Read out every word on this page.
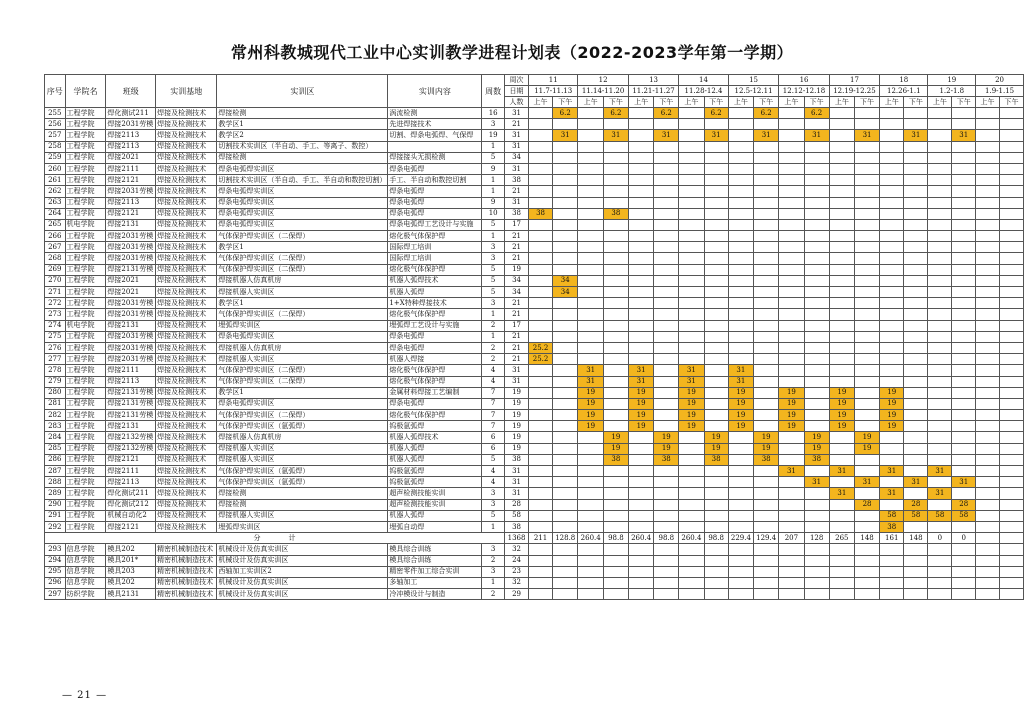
常州科教城现代工业中心实训教学进程计划表（2022-2023学年第一学期）
序号	学院名	班级	实训基地	实训区	实训内容	周数	周次	11		12		13		14		15		16		17		18		19		20	
							日期	11.7-11.13		11.14-11.20		11.21-11.27		11.28-12.4		12.5-12.11		12.12-12.18		12.19-12.25		12.26-1.1		1.2-1.8		1.9-1.15	
							人数	上午	下午	上午	下午	上午	下午	上午	下午	上午	下午	上午	下午	上午	下午	上午	下午	上午	下午	上午	下午
255	工程学院	焊化测试211	焊接及检测技术	焊接检测	涡流检测	16	31		6.2		6.2		6.2		6.2		6.2		6.2								
256	工程学院	焊接2031劳模	焊接及检测技术	教学区1	先进焊接技术	3	21																				
257	工程学院	焊接2113	焊接及检测技术	教学区2	切割、焊条电弧焊、气保焊	19	31		31		31		31		31		31		31		31		31		31		
258	工程学院	焊接2113	焊接及检测技术	切割技术实训区（半自动、手工、等离子、数控）		1	31																				
259	工程学院	焊接2021	焊接及检测技术	焊接检测	焊接接头无损检测	5	34																				
260	工程学院	焊接2111	焊接及检测技术	焊条电弧焊实训区	焊条电弧焊	9	31																				
261	工程学院	焊接2121	焊接及检测技术	切割技术实训区（半自动、手工、半自动和数控切割）	手工、半自动和数控切割	1	38																				
262	工程学院	焊接2031劳模	焊接及检测技术	焊条电弧焊实训区	焊条电弧焊	1	21																				
263	工程学院	焊接2113	焊接及检测技术	焊条电弧焊实训区	焊条电弧焊	9	31																				
264	工程学院	焊接2121	焊接及检测技术	焊条电弧焊实训区	焊条电弧焊	10	38	38			38																
265	机电学院	焊接2131	焊接及检测技术	焊条电弧焊实训区	焊条电弧焊工艺设计与实施	5	17																				
266	工程学院	焊接2031劳模	焊接及检测技术	气体保护焊实训区（二保焊）	熔化极气体保护焊	1	21																				
267	工程学院	焊接2031劳模	焊接及检测技术	教学区1	国际焊工培训	3	21																				
268	工程学院	焊接2031劳模	焊接及检测技术	气体保护焊实训区（二保焊）	国际焊工培训	3	21																				
269	工程学院	焊接2131劳模	焊接及检测技术	气体保护焊实训区（二保焊）	熔化极气体保护焊	5	19																				
270	工程学院	焊接2021	焊接及检测技术	焊接机器人仿真机房	机器人弧焊技术	5	34		34																		
271	工程学院	焊接2021	焊接及检测技术	焊接机器人实训区	机器人弧焊	5	34		34																		
272	工程学院	焊接2031劳模	焊接及检测技术	教学区1	1+X特种焊接技术	3	21																				
273	工程学院	焊接2031劳模	焊接及检测技术	气体保护焊实训区（二保焊）	熔化极气体保护焊	1	21																				
274	机电学院	焊接2131	焊接及检测技术	埋弧焊实训区	埋弧焊工艺设计与实施	2	17																				
275	工程学院	焊接2031劳模	焊接及检测技术	焊条电弧焊实训区	焊条电弧焊	1	21																				
276	工程学院	焊接2031劳模	焊接及检测技术	焊接机器人仿真机房	焊条电弧焊	2	21	25.2																			
277	工程学院	焊接2031劳模	焊接及检测技术	焊接机器人实训区	机器人焊接	2	21	25.2																			
278	工程学院	焊接2111	焊接及检测技术	气体保护焊实训区（二保焊）	熔化极气体保护焊	4	31			31		31		31		31											
279	工程学院	焊接2113	焊接及检测技术	气体保护焊实训区（二保焊）	熔化极气体保护焊	4	31			31		31		31		31											
280	工程学院	焊接2131劳模	焊接及检测技术	教学区1	金属材料焊接工艺编制	7	19			19		19		19		19		19		19		19					
281	工程学院	焊接2131劳模	焊接及检测技术	焊条电弧焊实训区	焊条电弧焊	7	19			19		19		19		19		19		19		19					
282	工程学院	焊接2131劳模	焊接及检测技术	气体保护焊实训区（二保焊）	熔化极气体保护焊	7	19			19		19		19		19		19		19		19					
283	工程学院	焊接2131	焊接及检测技术	气体保护焊实训区（氩弧焊）	钨极氩弧焊	7	19			19		19		19		19		19		19		19					
284	工程学院	焊接2132劳模	焊接及检测技术	焊接机器人仿真机房	机器人弧焊技术	6	19				19		19		19		19		19		19						
285	工程学院	焊接2132劳模	焊接及检测技术	焊接机器人实训区	机器人弧焊	6	19				19		19		19		19		19		19						
286	工程学院	焊接2121	焊接及检测技术	焊接机器人实训区	机器人弧焊	5	38				38		38		38		38		38								
287	工程学院	焊接2111	焊接及检测技术	气体保护焊实训区（氩弧焊）	钨极氩弧焊	4	31											31		31		31		31			
288	工程学院	焊接2113	焊接及检测技术	气体保护焊实训区（氩弧焊）	钨极氩弧焊	4	31												31		31		31		31		
289	工程学院	焊化测试211	焊接及检测技术	焊接检测	超声检测技能实训	3	31													31		31		31			
290	工程学院	焊化测试212	焊接及检测技术	焊接检测	超声检测技能实训	3	28														28		28		28		
291	工程学院	机械自动化2	焊接及检测技术	焊接机器人实训区	机器人弧焊	5	58															58	58	58	58		
292	工程学院	焊接2121	焊接及检测技术	埋弧焊实训区	埋弧自动焊	1	38															38					
分　　　　计							1368	211	128.8	260.4	98.8	260.4	98.8	260.4	98.8	229.4	129.4	207	128	265	148	161	148	0	0		
293	信息学院	模具202	精密机械制造技术	机械设计及仿真实训区	模具综合训练	3	32																				
294	信息学院	模具201*	精密机械制造技术	机械设计及仿真实训区	模具综合训练	2	24																				
295	信息学院	模具203	精密机械制造技术	西轴加工实训区2	精密零件加工综合实训	3	23																				
296	信息学院	模具202	精密机械制造技术	机械设计及仿真实训区	多轴加工	1	32																				
297	纺织学院	模具2131	精密机械制造技术	机械设计及仿真实训区	冷冲模设计与制造	2	29																				
— 21 —
